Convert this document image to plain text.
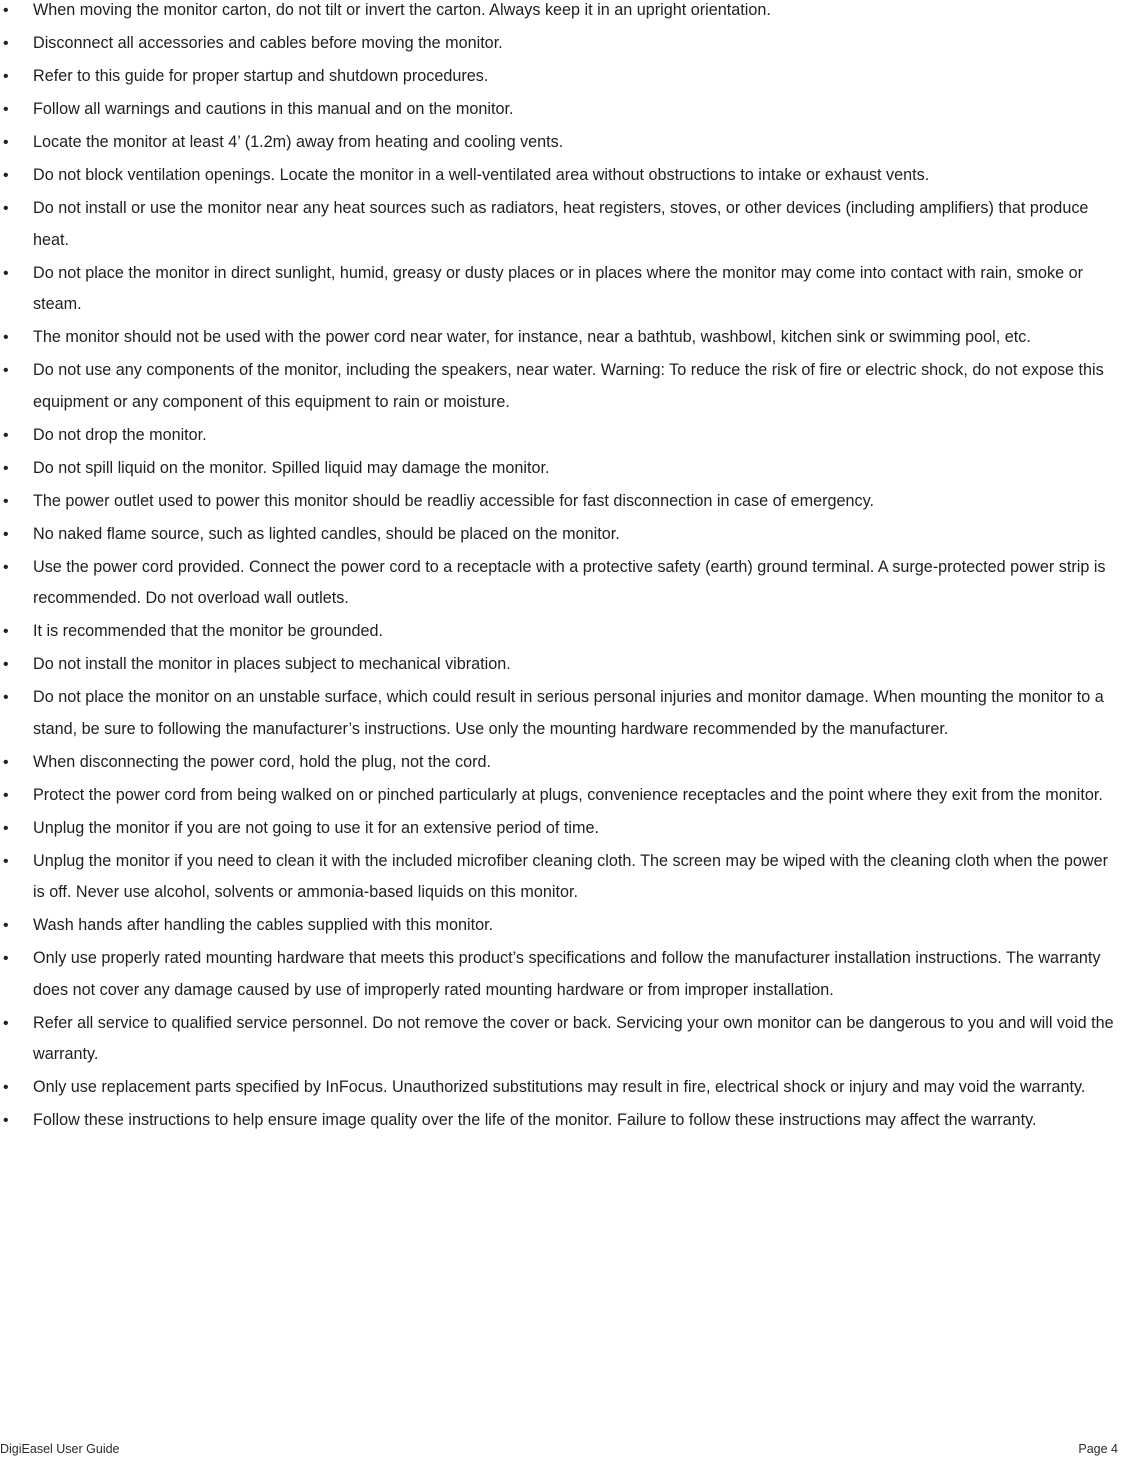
• When moving the monitor carton, do not tilt or invert the carton. Always keep it in an upright orientation.
• Disconnect all accessories and cables before moving the monitor.
• Refer to this guide for proper startup and shutdown procedures.
• Follow all warnings and cautions in this manual and on the monitor.
• Locate the monitor at least 4’ (1.2m) away from heating and cooling vents.
• Do not block ventilation openings. Locate the monitor in a well-ventilated area without obstructions to intake or exhaust vents.
• Do not install or use the monitor near any heat sources such as radiators, heat registers, stoves, or other devices (including amplifiers) that produce heat.
• Do not place the monitor in direct sunlight, humid, greasy or dusty places or in places where the monitor may come into contact with rain, smoke or steam.
• The monitor should not be used with the power cord near water, for instance, near a bathtub, washbowl, kitchen sink or swimming pool, etc.
• Do not use any components of the monitor, including the speakers, near water. Warning: To reduce the risk of fire or electric shock, do not expose this equipment or any component of this equipment to rain or moisture.
• Do not drop the monitor.
• Do not spill liquid on the monitor. Spilled liquid may damage the monitor.
• The power outlet used to power this monitor should be readliy accessible for fast disconnection in case of emergency.
• No naked flame source, such as lighted candles, should be placed on the monitor.
• Use the power cord provided. Connect the power cord to a receptacle with a protective safety (earth) ground terminal. A surge-protected power strip is recommended. Do not overload wall outlets.
• It is recommended that the monitor be grounded.
• Do not install the monitor in places subject to mechanical vibration.
• Do not place the monitor on an unstable surface, which could result in serious personal injuries and monitor damage. When mounting the monitor to a stand, be sure to following the manufacturer’s instructions. Use only the mounting hardware recommended by the manufacturer.
• When disconnecting the power cord, hold the plug, not the cord.
• Protect the power cord from being walked on or pinched particularly at plugs, convenience receptacles and the point where they exit from the monitor.
• Unplug the monitor if you are not going to use it for an extensive period of time.
• Unplug the monitor if you need to clean it with the included microfiber cleaning cloth. The screen may be wiped with the cleaning cloth when the power is off. Never use alcohol, solvents or ammonia-based liquids on this monitor.
• Wash hands after handling the cables supplied with this monitor.
• Only use properly rated mounting hardware that meets this product’s specifications and follow the manufacturer installation instructions. The warranty does not cover any damage caused by use of improperly rated mounting hardware or from improper installation.
• Refer all service to qualified service personnel. Do not remove the cover or back. Servicing your own monitor can be dangerous to you and will void the warranty.
• Only use replacement parts specified by InFocus. Unauthorized substitutions may result in fire, electrical shock or injury and may void the warranty.
• Follow these instructions to help ensure image quality over the life of the monitor. Failure to follow these instructions may affect the warranty.
DigiEasel User Guide	Page 4
